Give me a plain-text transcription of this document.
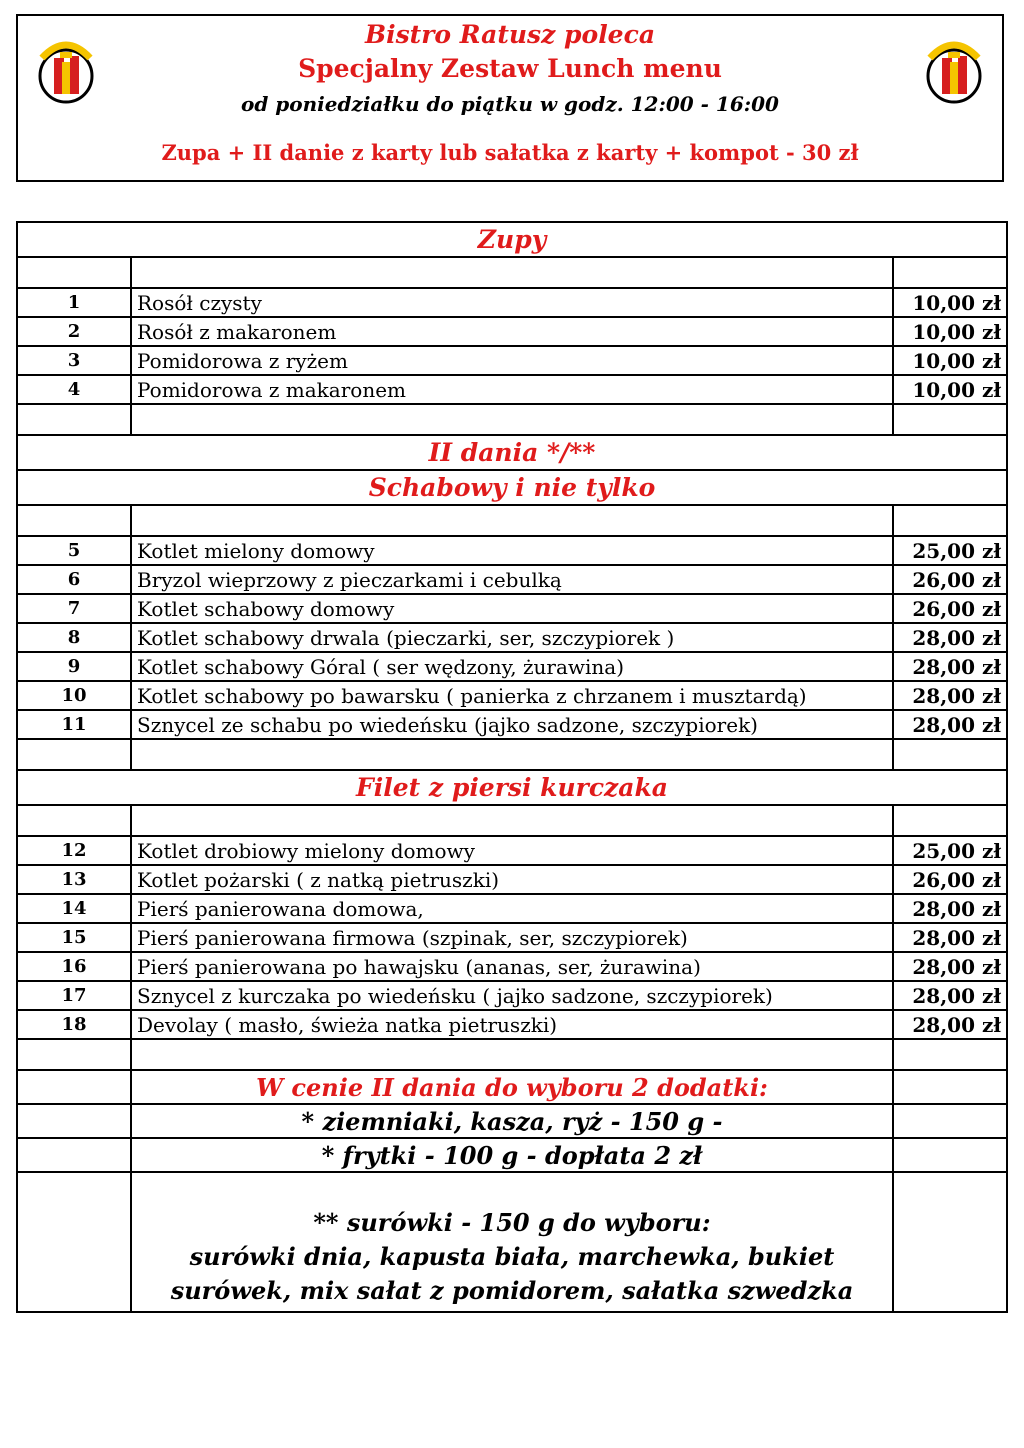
Bistro Ratusz poleca
Specjalny Zestaw Lunch menu
od poniedziałku do piątku w godz. 12:00 - 16:00
Zupa + II danie z karty lub sałatka z karty + kompot - 30 zł
Zupy		

1	Rosół czysty	10,00 zł
2	Rosół z makaronem	10,00 zł
3	Pomidorowa z ryżem	10,00 zł
4	Pomidorowa z makaronem	10,00 zł

II dania */**		
Schabowy i nie tylko		

5	Kotlet mielony domowy	25,00 zł
6	Bryzol wieprzowy z pieczarkami i cebulką	26,00 zł
7	Kotlet schabowy domowy	26,00 zł
8	Kotlet schabowy drwala (pieczarki, ser, szczypiorek )	28,00 zł
9	Kotlet schabowy Góral ( ser wędzony, żurawina)	28,00 zł
10	Kotlet schabowy po bawarsku ( panierka z chrzanem i musztardą)	28,00 zł
11	Sznycel ze schabu po wiedeńsku (jajko sadzone, szczypiorek)	28,00 zł

Filet z piersi kurczaka		

12	Kotlet drobiowy mielony domowy	25,00 zł
13	Kotlet pożarski ( z natką pietruszki)	26,00 zł
14	Pierś panierowana domowa,	28,00 zł
15	Pierś panierowana firmowa (szpinak, ser, szczypiorek)	28,00 zł
16	Pierś panierowana po hawajsku (ananas, ser, żurawina)	28,00 zł
17	Sznycel z kurczaka po wiedeńsku ( jajko sadzone, szczypiorek)	28,00 zł
18	Devolay ( masło, świeża natka pietruszki)	28,00 zł

	W cenie II dania do wyboru 2 dodatki:	
	* ziemniaki, kasza, ryż - 150 g -	
	* frytki - 100 g - dopłata 2 zł	

	** surówki - 150 g do wyboru:
surówki dnia, kapusta biała, marchewka, bukiet
surówek, mix sałat z pomidorem, sałatka szwedzka	
